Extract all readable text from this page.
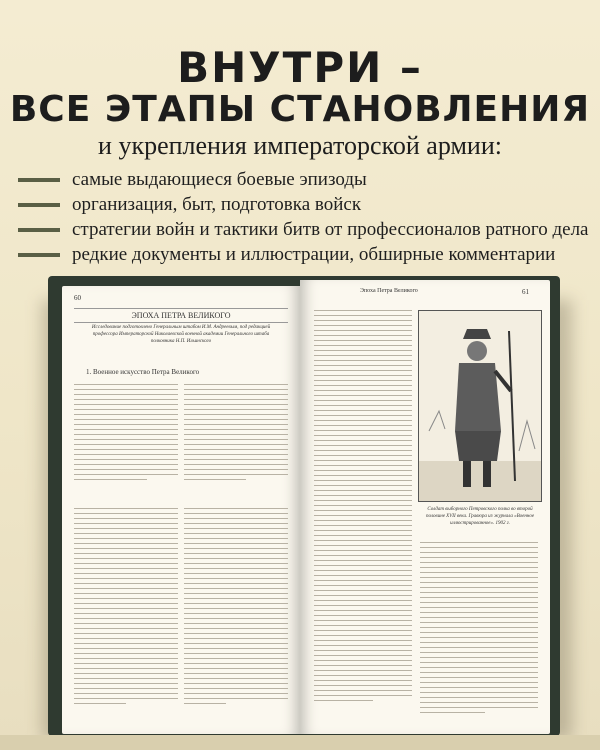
ВНУТРИ –
ВСЕ ЭТАПЫ СТАНОВЛЕНИЯ
и укрепления императорской армии:
самые выдающиеся боевые эпизоды
организация, быт, подготовка войск
стратегии войн и тактики битв от профессионалов ратного дела
редкие документы и иллюстрации, обширные комментарии
60
ЭПОХА ПЕТРА ВЕЛИКОГО
Исследование подготовлено Генеральным штабом И.М. Андреевым, под редакцией профессора Императорской Николаевской военной академии Генерального штаба полковника Н.П. Ильинского
1. Военное искусство Петра Великого
Эпоха Петра Великого	61
Солдат выборного Петровского полка во второй половине XVII века. Гравюра из журнала «Военное иллюстрированное». 1902 г.
